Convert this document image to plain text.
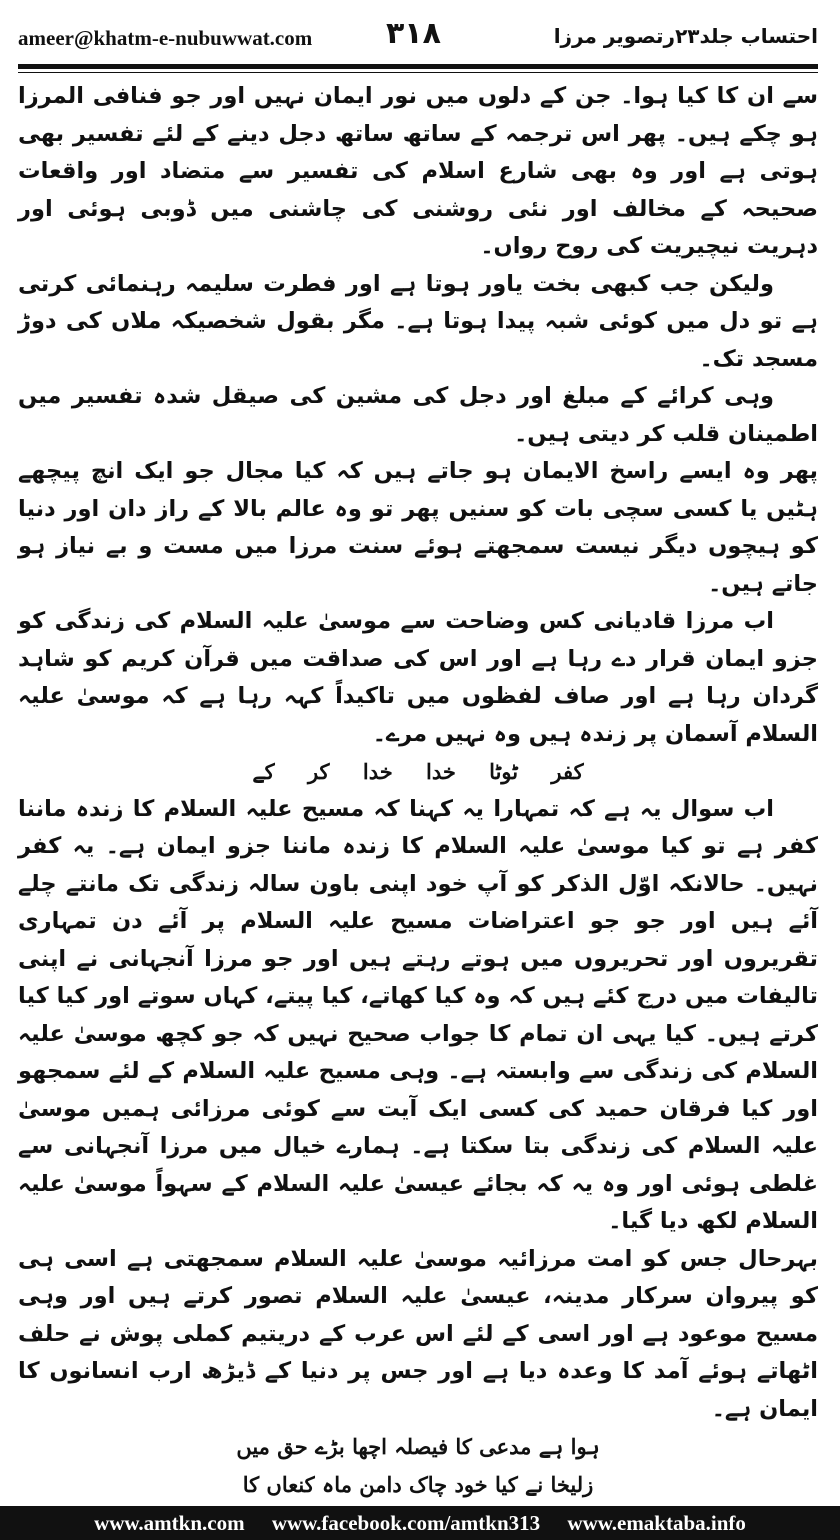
ameer@khatm-e-nubuwwat.com ۳۱۸	احتساب جلد۲۳رتصویر مرزا

سے ان کا کیا ہوا۔ جن کے دلوں میں نور ایمان نہیں اور جو فنافی المرزا ہو چکے ہیں۔ پھر اس ترجمہ کے ساتھ ساتھ دجل دینے کے لئے تفسیر بھی ہوتی ہے اور وہ بھی شارع اسلام کی تفسیر سے متضاد اور واقعات صحیحہ کے مخالف اور نئی روشنی کی چاشنی میں ڈوبی ہوئی اور دہریت نیچیریت کی روح رواں۔

ولیکن جب کبھی بخت یاور ہوتا ہے اور فطرت سلیمہ رہنمائی کرتی ہے تو دل میں کوئی شبہ پیدا ہوتا ہے۔ مگر بقول شخصیکہ ملاں کی دوڑ مسجد تک۔

وہی کرائے کے مبلغ اور دجل کی مشین کی صیقل شدہ تفسیر میں اطمینان قلب کر دیتی ہیں۔

پھر وہ ایسے راسخ الایمان ہو جاتے ہیں کہ کیا مجال جو ایک انچ پیچھے ہٹیں یا کسی سچی بات کو سنیں پھر تو وہ عالم بالا کے راز دان اور دنیا کو ہیچوں دیگر نیست سمجھتے ہوئے سنت مرزا میں مست و بے نیاز ہو جاتے ہیں۔

اب مرزا قادیانی کس وضاحت سے موسیٰ علیہ السلام کی زندگی کو جزو ایمان قرار دے رہا ہے اور اس کی صداقت میں قرآن کریم کو شاہد گردان رہا ہے اور صاف لفظوں میں تاکیداً کہہ رہا ہے کہ موسیٰ علیہ السلام آسمان پر زندہ ہیں وہ نہیں مرے۔

کفر ٹوٹا خدا خدا کر کے

اب سوال یہ ہے کہ تمہارا یہ کہنا کہ مسیح علیہ السلام کا زندہ ماننا کفر ہے تو کیا موسیٰ علیہ السلام کا زندہ ماننا جزو ایمان ہے۔ یہ کفر نہیں۔ حالانکہ اوّل الذکر کو آپ خود اپنی باون سالہ زندگی تک مانتے چلے آئے ہیں اور جو جو اعتراضات مسیح علیہ السلام پر آئے دن تمہاری تقریروں اور تحریروں میں ہوتے رہتے ہیں اور جو مرزا آنجہانی نے اپنی تالیفات میں درج کئے ہیں کہ وہ کیا کھاتے، کیا پیتے، کہاں سوتے اور کیا کیا کرتے ہیں۔ کیا یہی ان تمام کا جواب صحیح نہیں کہ جو کچھ موسیٰ علیہ السلام کی زندگی سے وابستہ ہے۔ وہی مسیح علیہ السلام کے لئے سمجھو اور کیا فرقان حمید کی کسی ایک آیت سے کوئی مرزائی ہمیں موسیٰ علیہ السلام کی زندگی بتا سکتا ہے۔ ہمارے خیال میں مرزا آنجہانی سے غلطی ہوئی اور وہ یہ کہ بجائے عیسیٰ علیہ السلام کے سہواً موسیٰ علیہ السلام لکھ دیا گیا۔

بہرحال جس کو امت مرزائیہ موسیٰ علیہ السلام سمجھتی ہے اسی ہی کو پیروان سرکار مدینہ، عیسیٰ علیہ السلام تصور کرتے ہیں اور وہی مسیح موعود ہے اور اسی کے لئے اس عرب کے دریتیم کملی پوش نے حلف اٹھاتے ہوئے آمد کا وعدہ دیا ہے اور جس پر دنیا کے ڈیڑھ ارب انسانوں کا ایمان ہے۔

ہوا ہے مدعی کا فیصلہ اچھا بڑے حق میں

زلیخا نے کیا خود چاک دامن ماہ کنعاں کا

www.amtkn.com www.facebook.com/amtkn313 www.emaktaba.info
